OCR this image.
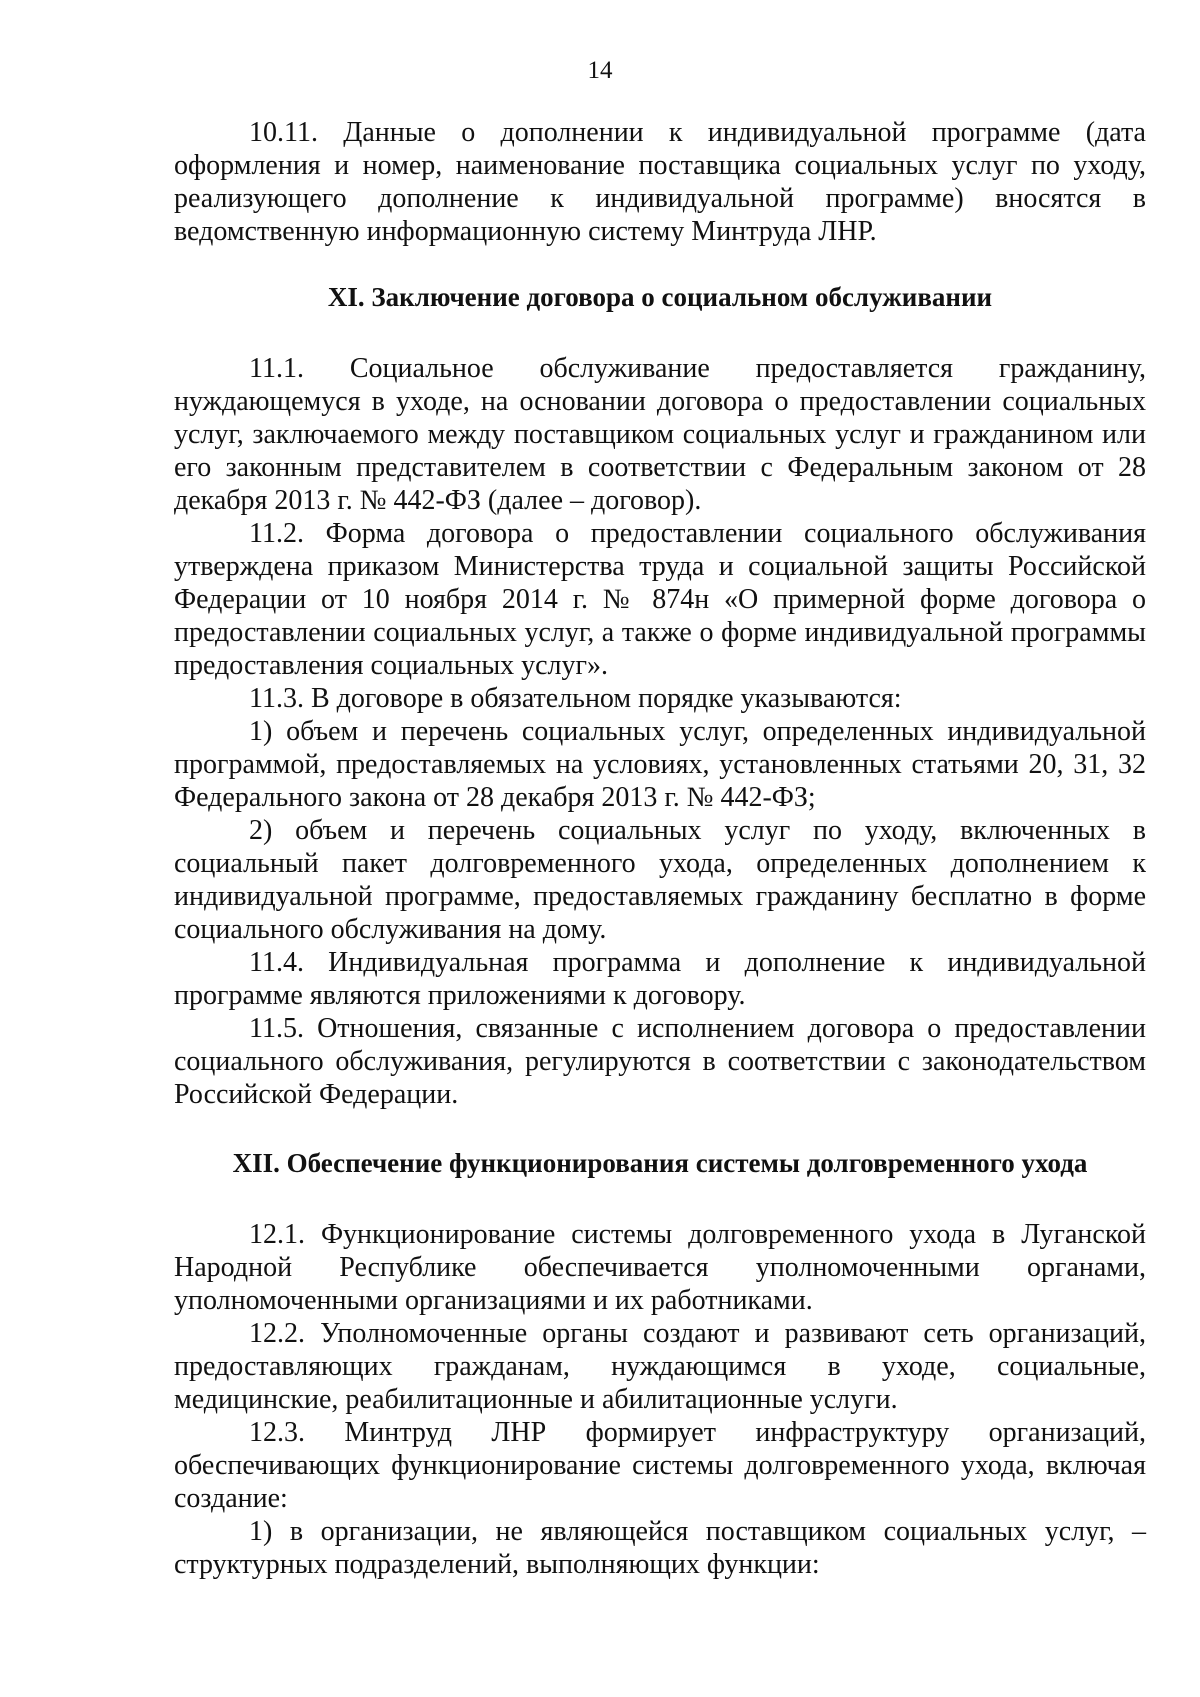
14

10.11. Данные о дополнении к индивидуальной программе (дата оформления и номер, наименование поставщика социальных услуг по уходу, реализующего дополнение к индивидуальной программе) вносятся в ведомственную информационную систему Минтруда ЛНР.

XI. Заключение договора о социальном обслуживании

11.1. Социальное обслуживание предоставляется гражданину, нуждающемуся в уходе, на основании договора о предоставлении социальных услуг, заключаемого между поставщиком социальных услуг и гражданином или его законным представителем в соответствии с Федеральным законом от 28 декабря 2013 г. № 442-ФЗ (далее – договор).

11.2. Форма договора о предоставлении социального обслуживания утверждена приказом Министерства труда и социальной защиты Российской Федерации от 10 ноября 2014 г. № 874н «О примерной форме договора о предоставлении социальных услуг, а также о форме индивидуальной программы предоставления социальных услуг».

11.3. В договоре в обязательном порядке указываются:

1) объем и перечень социальных услуг, определенных индивидуальной программой, предоставляемых на условиях, установленных статьями 20, 31, 32 Федерального закона от 28 декабря 2013 г. № 442-ФЗ;

2) объем и перечень социальных услуг по уходу, включенных в социальный пакет долговременного ухода, определенных дополнением к индивидуальной программе, предоставляемых гражданину бесплатно в форме социального обслуживания на дому.

11.4. Индивидуальная программа и дополнение к индивидуальной программе являются приложениями к договору.

11.5. Отношения, связанные с исполнением договора о предоставлении социального обслуживания, регулируются в соответствии с законодательством Российской Федерации.

XII. Обеспечение функционирования системы долговременного ухода

12.1. Функционирование системы долговременного ухода в Луганской Народной Республике обеспечивается уполномоченными органами, уполномоченными организациями и их работниками.

12.2. Уполномоченные органы создают и развивают сеть организаций, предоставляющих гражданам, нуждающимся в уходе, социальные, медицинские, реабилитационные и абилитационные услуги.

12.3. Минтруд ЛНР формирует инфраструктуру организаций, обеспечивающих функционирование системы долговременного ухода, включая создание:

1) в организации, не являющейся поставщиком социальных услуг, – структурных подразделений, выполняющих функции:
